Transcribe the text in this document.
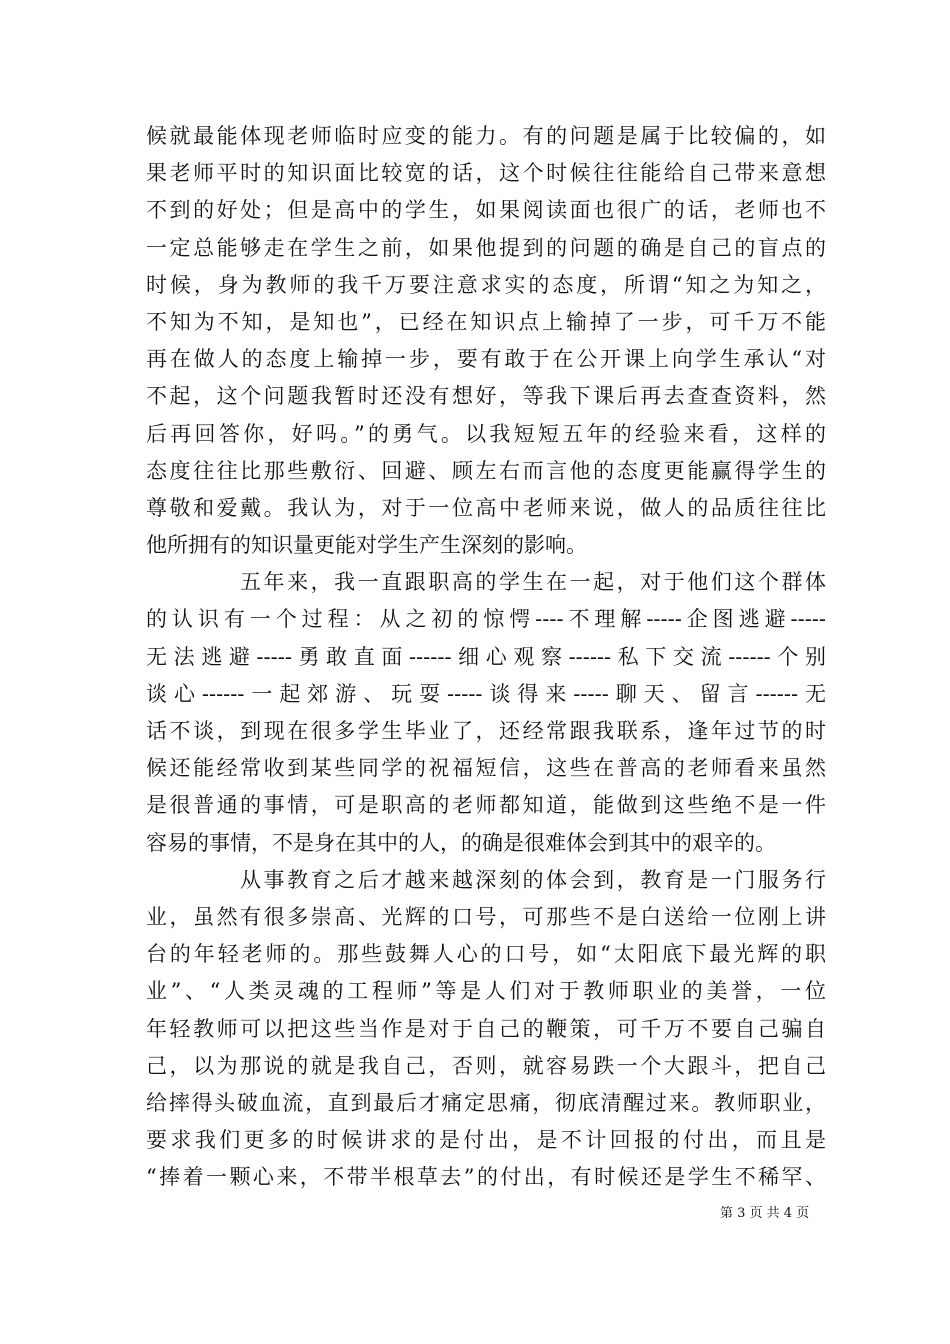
候就最能体现老师临时应变的能力。有的问题是属于比较偏的，如
果老师平时的知识面比较宽的话，这个时候往往能给自己带来意想
不到的好处；但是高中的学生，如果阅读面也很广的话，老师也不
一定总能够走在学生之前，如果他提到的问题的确是自己的盲点的
时候，身为教师的我千万要注意求实的态度，所谓“知之为知之，
不知为不知，是知也”，已经在知识点上输掉了一步，可千万不能
再在做人的态度上输掉一步，要有敢于在公开课上向学生承认“对
不起，这个问题我暂时还没有想好，等我下课后再去查查资料，然
后再回答你，好吗。”的勇气。以我短短五年的经验来看，这样的
态度往往比那些敷衍、回避、顾左右而言他的态度更能赢得学生的
尊敬和爱戴。我认为，对于一位高中老师来说，做人的品质往往比
他所拥有的知识量更能对学生产生深刻的影响。
五年来，我一直跟职高的学生在一起，对于他们这个群体
的认识有一个过程：从之初的惊愕----不理解-----企图逃避-----
无法逃避-----勇敢直面------细心观察------私下交流------个别
谈心------一起郊游、玩耍-----谈得来-----聊天、留言------无
话不谈，到现在很多学生毕业了，还经常跟我联系，逢年过节的时
候还能经常收到某些同学的祝福短信，这些在普高的老师看来虽然
是很普通的事情，可是职高的老师都知道，能做到这些绝不是一件
容易的事情，不是身在其中的人，的确是很难体会到其中的艰辛的。
从事教育之后才越来越深刻的体会到，教育是一门服务行
业，虽然有很多崇高、光辉的口号，可那些不是白送给一位刚上讲
台的年轻老师的。那些鼓舞人心的口号，如“太阳底下最光辉的职
业”、“人类灵魂的工程师”等是人们对于教师职业的美誉，一位
年轻教师可以把这些当作是对于自己的鞭策，可千万不要自己骗自
己，以为那说的就是我自己，否则，就容易跌一个大跟斗，把自己
给摔得头破血流，直到最后才痛定思痛，彻底清醒过来。教师职业，
要求我们更多的时候讲求的是付出，是不计回报的付出，而且是
“捧着一颗心来，不带半根草去”的付出，有时候还是学生不稀罕、
第 3 页 共 4 页
